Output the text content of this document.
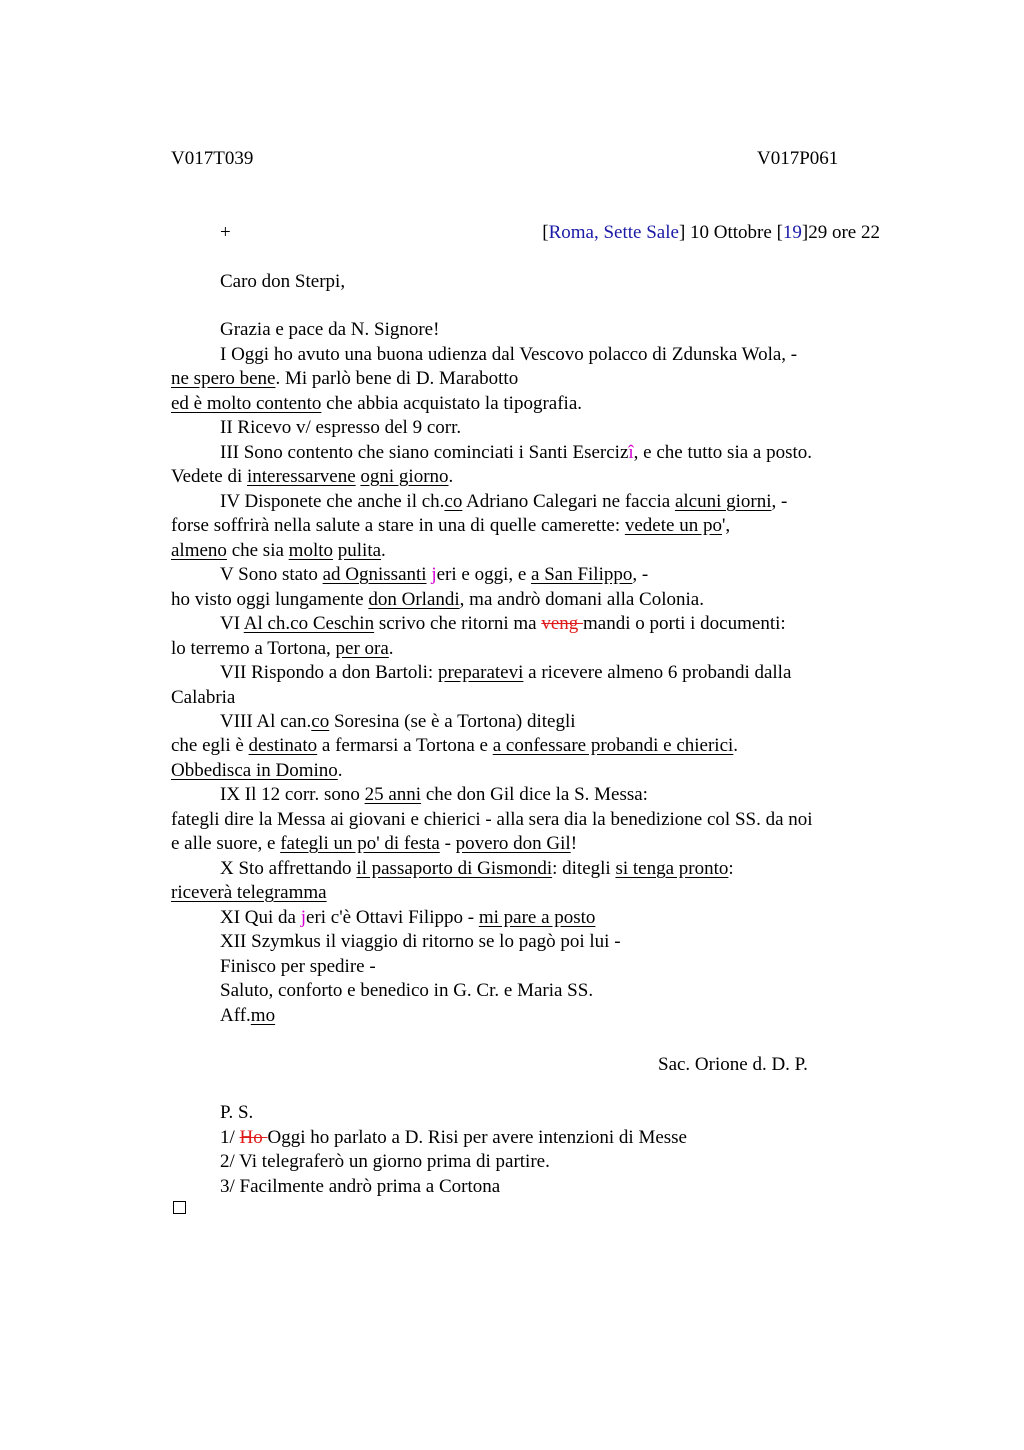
V017T039	V017P061
+	[Roma, Sette Sale] 10 Ottobre [19]29 ore 22
Caro don Sterpi,
Grazia e pace da N. Signore!
I Oggi ho avuto una buona udienza dal Vescovo polacco di Zdunska Wola, -
ne spero bene. Mi parlò bene di D. Marabotto
ed è molto contento che abbia acquistato la tipografia.
II Ricevo v/ espresso del 9 corr.
III Sono contento che siano cominciati i Santi Esercizî, e che tutto sia a posto.
Vedete di interessarvene ogni giorno.
IV Disponete che anche il ch.co Adriano Calegari ne faccia alcuni giorni, -
forse soffrirà nella salute a stare in una di quelle camerette: vedete un po',
almeno che sia molto pulita.
V Sono stato ad Ognissanti jeri e oggi, e a San Filippo, -
ho visto oggi lungamente don Orlandi, ma andrò domani alla Colonia.
VI Al ch.co Ceschin scrivo che ritorni ma veng mandi o porti i documenti:
lo terremo a Tortona, per ora.
VII Rispondo a don Bartoli: preparatevi a ricevere almeno 6 probandi dalla
Calabria
VIII Al can.co Soresina (se è a Tortona) ditegli
che egli è destinato a fermarsi a Tortona e a confessare probandi e chierici.
Obbedisca in Domino.
IX Il 12 corr. sono 25 anni che don Gil dice la S. Messa:
fategli dire la Messa ai giovani e chierici - alla sera dia la benedizione col SS. da noi
e alle suore, e fategli un po' di festa - povero don Gil!
X Sto affrettando il passaporto di Gismondi: ditegli si tenga pronto:
riceverà telegramma
XI Qui da jeri c'è Ottavi Filippo - mi pare a posto
XII Szymkus il viaggio di ritorno se lo pagò poi lui -
Finisco per spedire -
Saluto, conforto e benedico in G. Cr. e Maria SS.
Aff.mo
Sac. Orione d. D. P.
P. S.
1/ Ho Oggi ho parlato a D. Risi per avere intenzioni di Messe
2/ Vi telegraferò un giorno prima di partire.
3/ Facilmente andrò prima a Cortona
